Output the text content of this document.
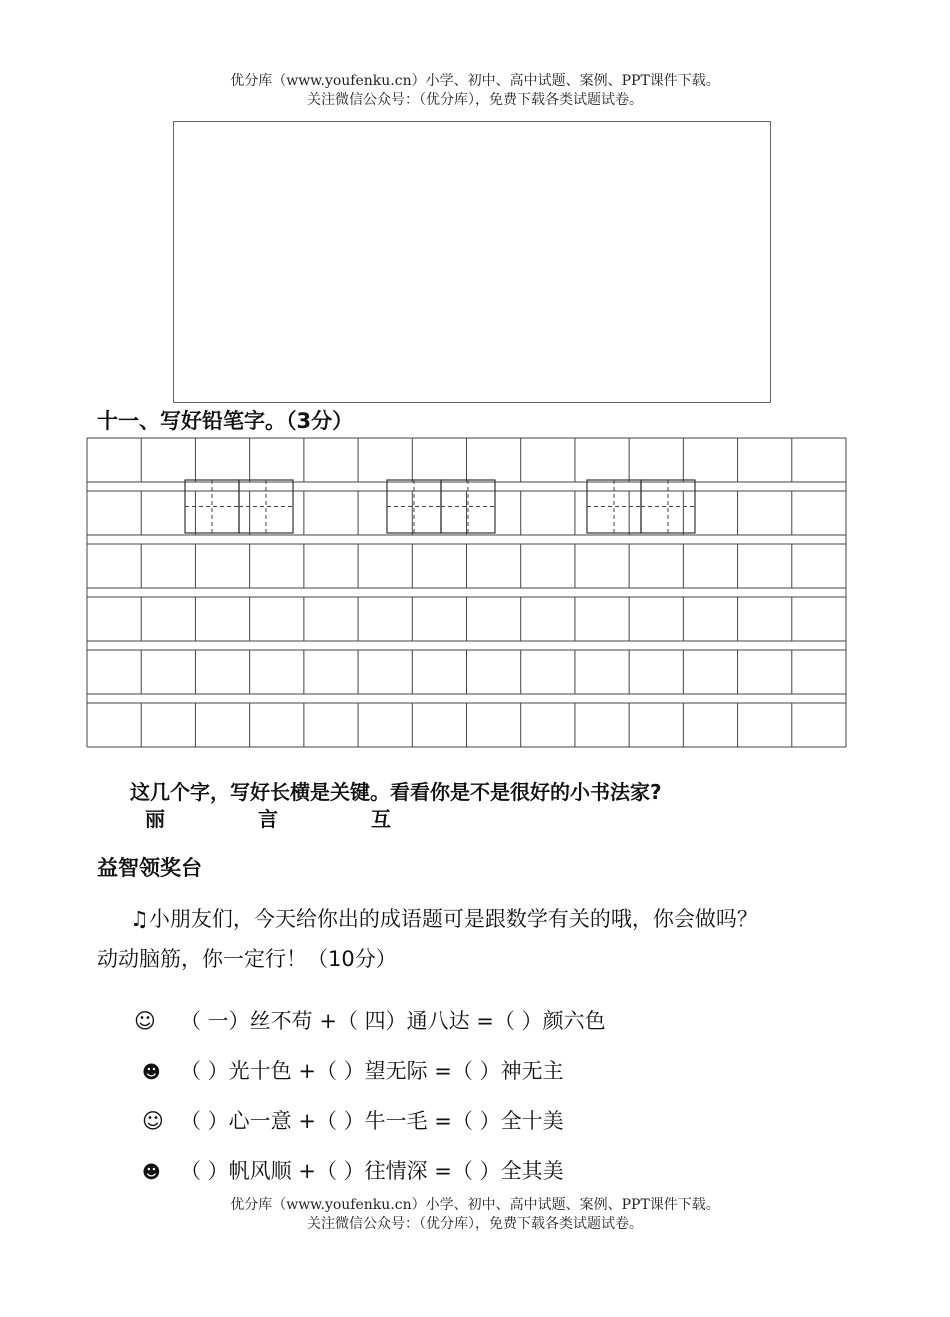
优分库（www.youfenku.cn）小学、初中、高中试题、案例、PPT课件下载。
关注微信公众号：（优分库），免费下载各类试题试卷。
十一、写好铅笔字。（3分）
这几个字，写好长横是关键。看看你是不是很好的小书法家?
丽	言	互
益智领奖台
♫小朋友们，今天给你出的成语题可是跟数学有关的哦，你会做吗？
动动脑筋，你一定行！（10分）
☺ （ 一）丝不苟 +（ 四）通八达 =（ ）颜六色
☻ （ ）光十色 +（ ）望无际 =（ ）神无主
☺ （ ）心一意 +（ ）牛一毛 =（ ）全十美
☻ （ ）帆风顺 +（ ）往情深 =（ ）全其美
优分库（www.youfenku.cn）小学、初中、高中试题、案例、PPT课件下载。
关注微信公众号：（优分库），免费下载各类试题试卷。
